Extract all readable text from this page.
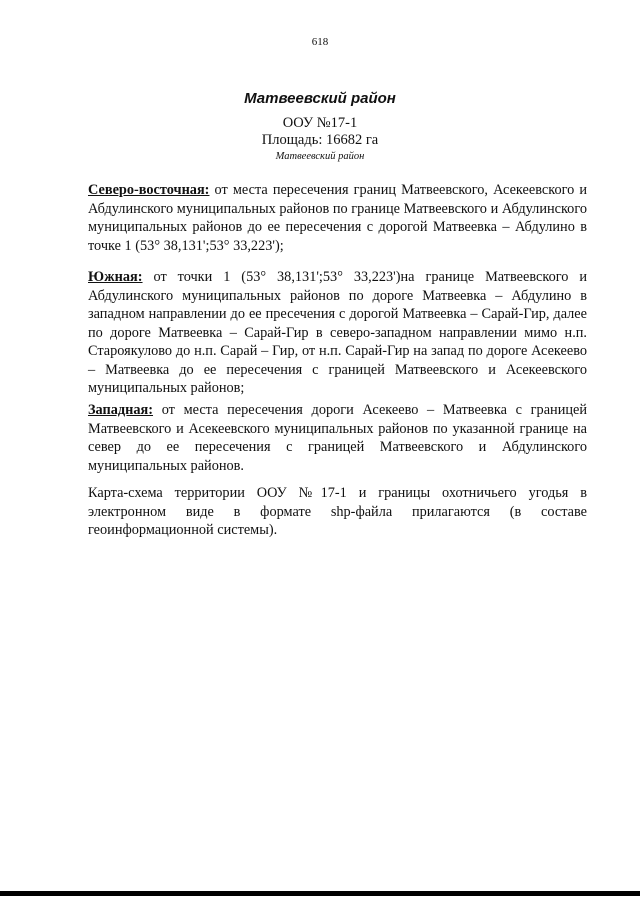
618
Матвеевский район
ООУ №17-1
Площадь: 16682 га
Матвеевский район

Северо-восточная: от места пересечения границ Матвеевского, Асекеевского и Абдулинского муниципальных районов по границе Матвеевского и Абдулинского муниципальных районов до ее пересечения с дорогой Матвеевка – Абдулино в точке 1 (53° 38,131';53° 33,223');

Южная: от точки 1 (53° 38,131';53° 33,223')на границе Матвеевского и Абдулинского муниципальных районов по дороге Матвеевка – Абдулино в западном направлении до ее пресечения с дорогой Матвеевка – Сарай-Гир, далее по дороге Матвеевка – Сарай-Гир в северо-западном направлении мимо н.п. Староякулово до н.п. Сарай – Гир, от н.п. Сарай-Гир на запад по дороге Асекеево – Матвеевка до ее пересечения с границей Матвеевского и Асекеевского муниципальных районов;

Западная: от места пересечения дороги Асекеево – Матвеевка с границей Матвеевского и Асекеевского муниципальных районов по указанной границе на север до ее пересечения с границей Матвеевского и Абдулинского муниципальных районов.

Карта-схема территории ООУ №17-1 и границы охотничьего угодья в электронном виде в формате shp-файла прилагаются (в составе геоинформационной системы).
